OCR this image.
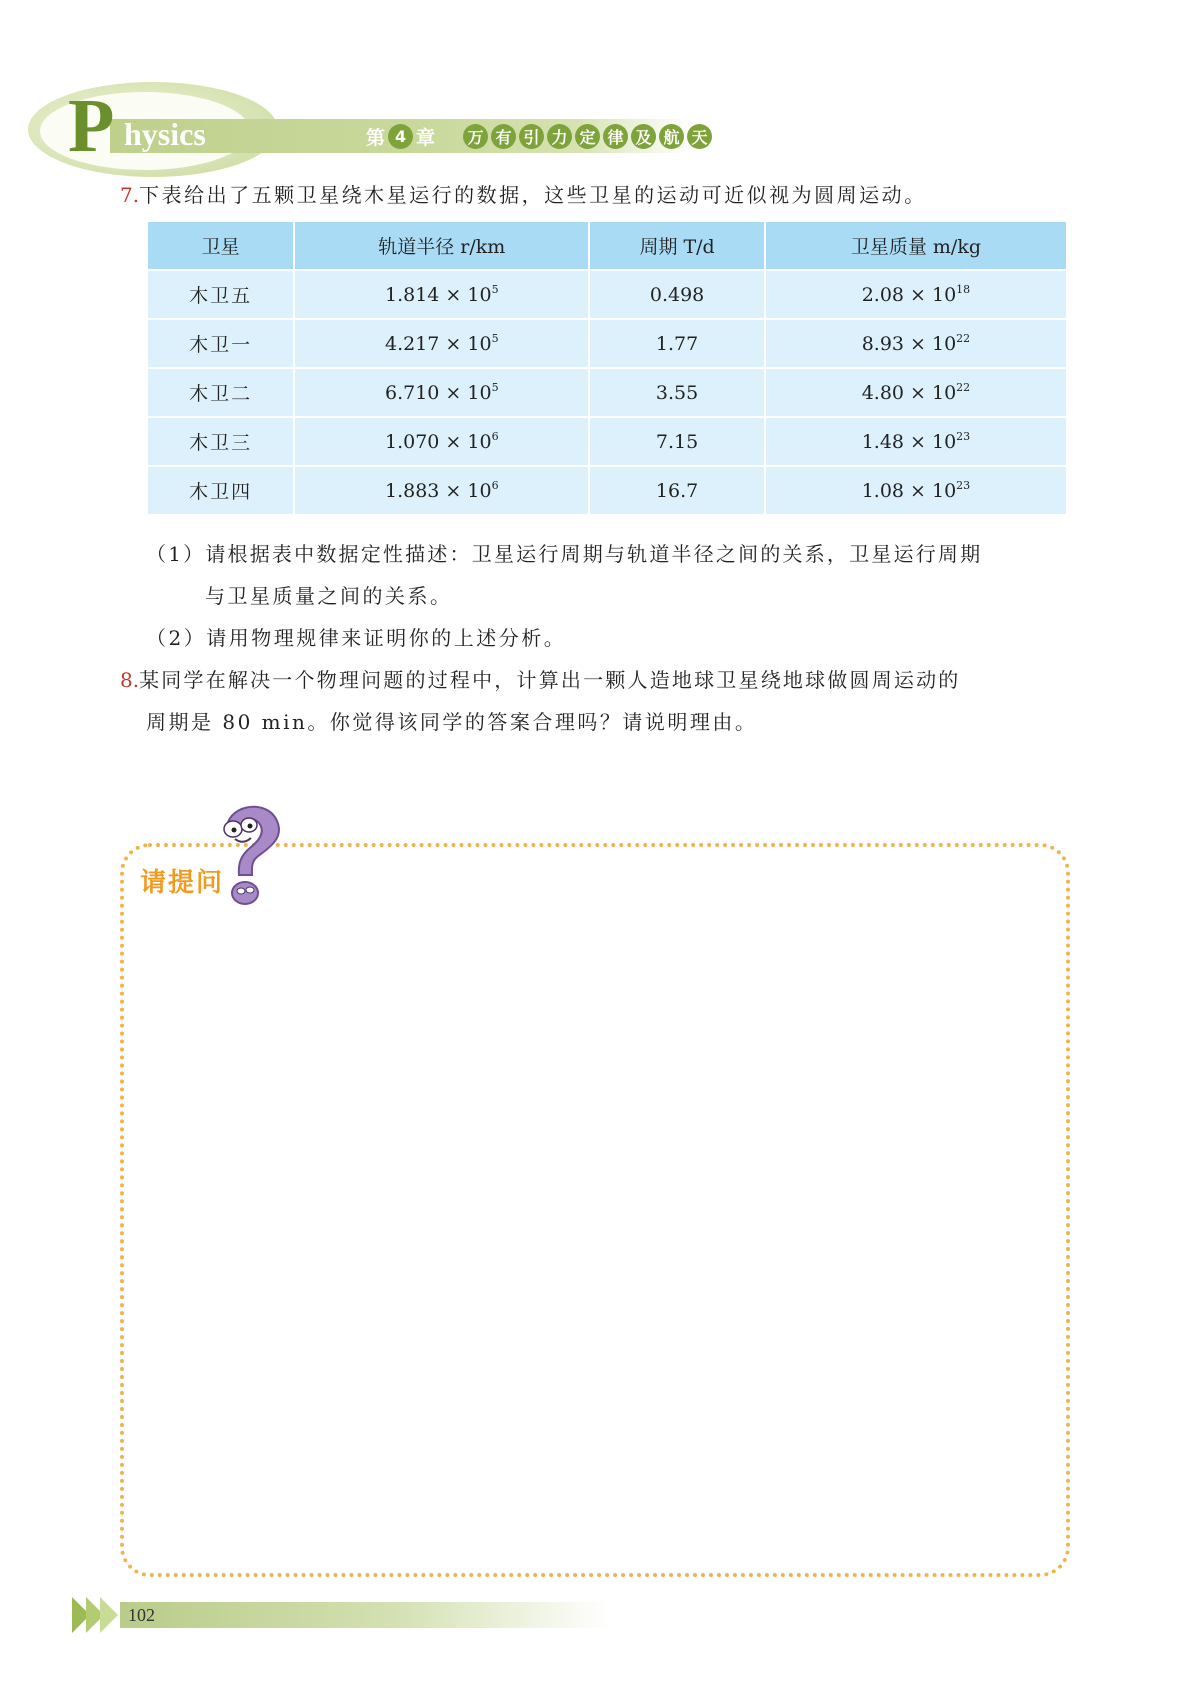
P hysics	第 4 章 万 有 引 力 定 律 及 航 天
7.下表给出了五颗卫星绕木星运行的数据，这些卫星的运动可近似视为圆周运动。
卫星	轨道半径 r/km	周期 T/d	卫星质量 m/kg
木卫五	$1.814 \times 10^5$	0.498	$2.08 \times 10^{18}$
木卫一	$4.217 \times 10^5$	1.77	$8.93 \times 10^{22}$
木卫二	$6.710 \times 10^5$	3.55	$4.80 \times 10^{22}$
木卫三	$1.070 \times 10^6$	7.15	$1.48 \times 10^{23}$
木卫四	$1.883 \times 10^6$	16.7	$1.08 \times 10^{23}$
（1）请根据表中数据定性描述：卫星运行周期与轨道半径之间的关系，卫星运行周期
与卫星质量之间的关系。
（2）请用物理规律来证明你的上述分析。
8.某同学在解决一个物理问题的过程中，计算出一颗人造地球卫星绕地球做圆周运动的
周期是 80 min。你觉得该同学的答案合理吗？请说明理由。
请提问
102
